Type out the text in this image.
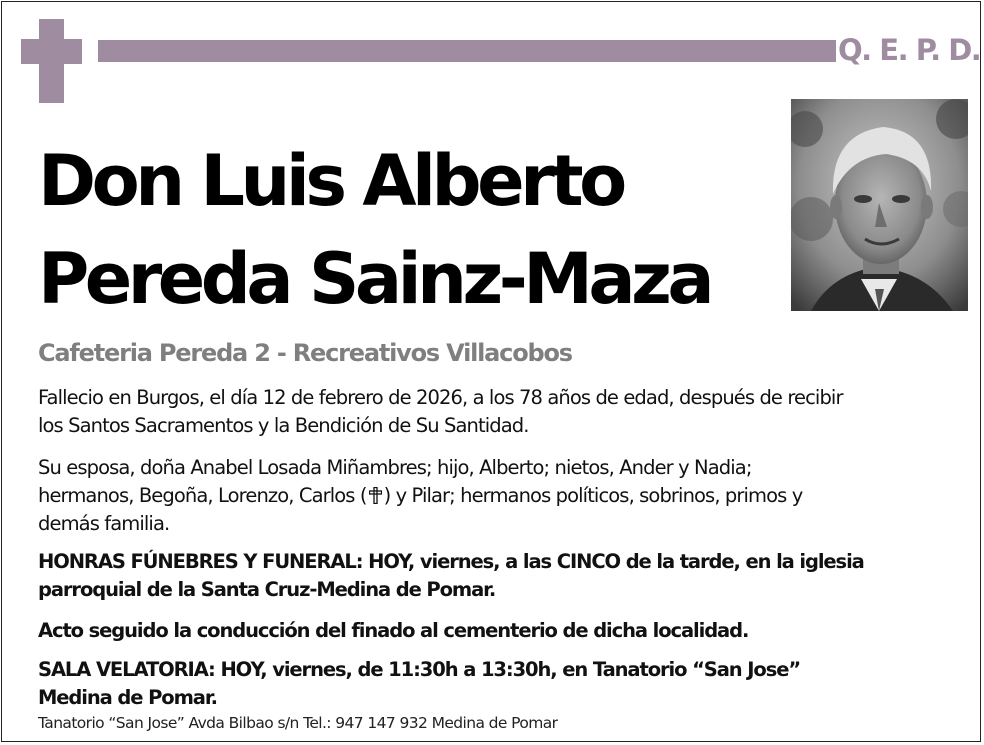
Q. E. P. D.
Don Luis Alberto
Pereda Sainz-Maza
Cafeteria Pereda 2 - Recreativos Villacobos

Fallecio en Burgos, el día 12 de febrero de 2026, a los 78 años de edad, después de recibir
los Santos Sacramentos y la Bendición de Su Santidad.

Su esposa, doña Anabel Losada Miñambres; hijo, Alberto; nietos, Ander y Nadia;
hermanos, Begoña, Lorenzo, Carlos ( ) y Pilar; hermanos políticos, sobrinos, primos y
demás familia.

HONRAS FÚNEBRES Y FUNERAL: HOY, viernes, a las CINCO de la tarde, en la iglesia
parroquial de la Santa Cruz-Medina de Pomar.

Acto seguido la conducción del finado al cementerio de dicha localidad.

SALA VELATORIA: HOY, viernes, de 11:30h a 13:30h, en Tanatorio “San Jose”
Medina de Pomar.

Tanatorio “San Jose” Avda Bilbao s/n Tel.: 947 147 932 Medina de Pomar
